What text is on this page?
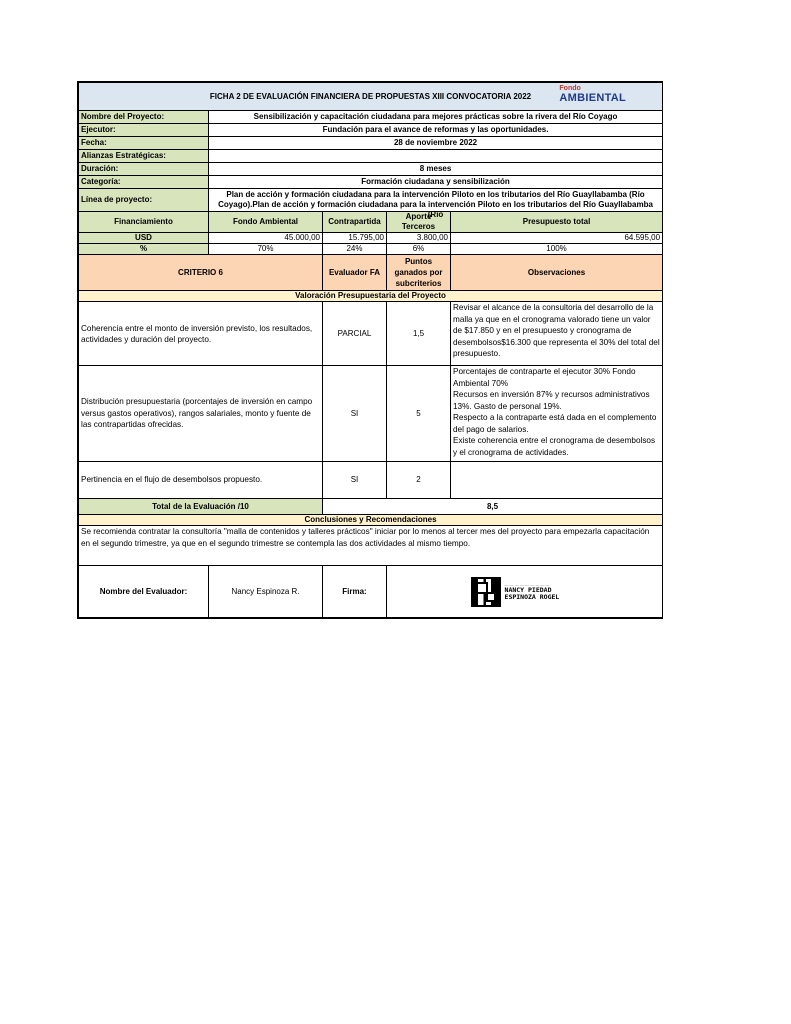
FICHA 2 DE EVALUACIÓN FINANCIERA DE PROPUESTAS XIII CONVOCATORIA 2022
Fondo
AMBIENTAL				

Nombre del Proyecto:	Sensibilización y capacitación ciudadana para mejores prácticas sobre la rivera del Río Coyago			
Ejecutor:	Fundación para el avance de reformas y las oportunidades.			
Fecha:	28 de noviembre 2022			
Alianzas Estratégicas:				
Duración:	8 meses			
Categoría:	Formación ciudadana y sensibilización			
Línea de proyecto:	Plan de acción y formación ciudadana para la intervención Piloto en los tributarios del Río Guayllabamba (Río Coyago).Plan de acción y formación ciudadana para la intervención Piloto en los tributarios del Río Guayllabamba (Río			

Financiamiento	Fondo Ambiental	Contrapartida	Aporte Terceros	Presupuesto total
USD	45.000,00	15.795,00	3.800,00	64.595,00
%	70%	24%	6%	100%
CRITERIO 6		Evaluador FA	Puntos ganados por subcriterios	Observaciones
Valoración Presupuestaria del Proyecto				
Coherencia entre el monto de inversión previsto, los resultados, actividades y duración del proyecto.		PARCIAL	1,5	Revisar el alcance de la consultoria del desarrollo de la malla ya que en el cronograma valorado tiene un valor de $17.850 y en el presupuesto y cronograma de desembolsos$16.300 que representa el 30% del total del presupuesto.
Distribución presupuestaria (porcentajes de inversión en campo versus gastos operativos), rangos salariales, monto y fuente de las contrapartidas ofrecidas.		SI	5	Porcentajes de contraparte el ejecutor 30% Fondo Ambiental 70%
Recursos en inversión 87% y recursos administrativos 13%. Gasto de personal 19%.
Respecto a la contraparte está dada en el complemento del pago de salarios.
Existe coherencia entre el cronograma de desembolsos y el cronograma de actividades.
Pertinencia en el flujo de desembolsos propuesto.		SI	2	
Total de la Evaluación /10		8,5		
Conclusiones y Recomendaciones				
Se recomienda contratar la consultoría "malla de contenidos y talleres prácticos" iniciar por lo menos al tercer mes del proyecto para empezarla capacitación en el segundo trimestre, ya que en el segundo trimestre se contempla las dos actividades al mismo tiempo.				
Nombre del Evaluador:	Nancy Espinoza R.	Firma:	— — — — — — — — —
NANCY PIEDAD ESPINOZA ROGEL	
